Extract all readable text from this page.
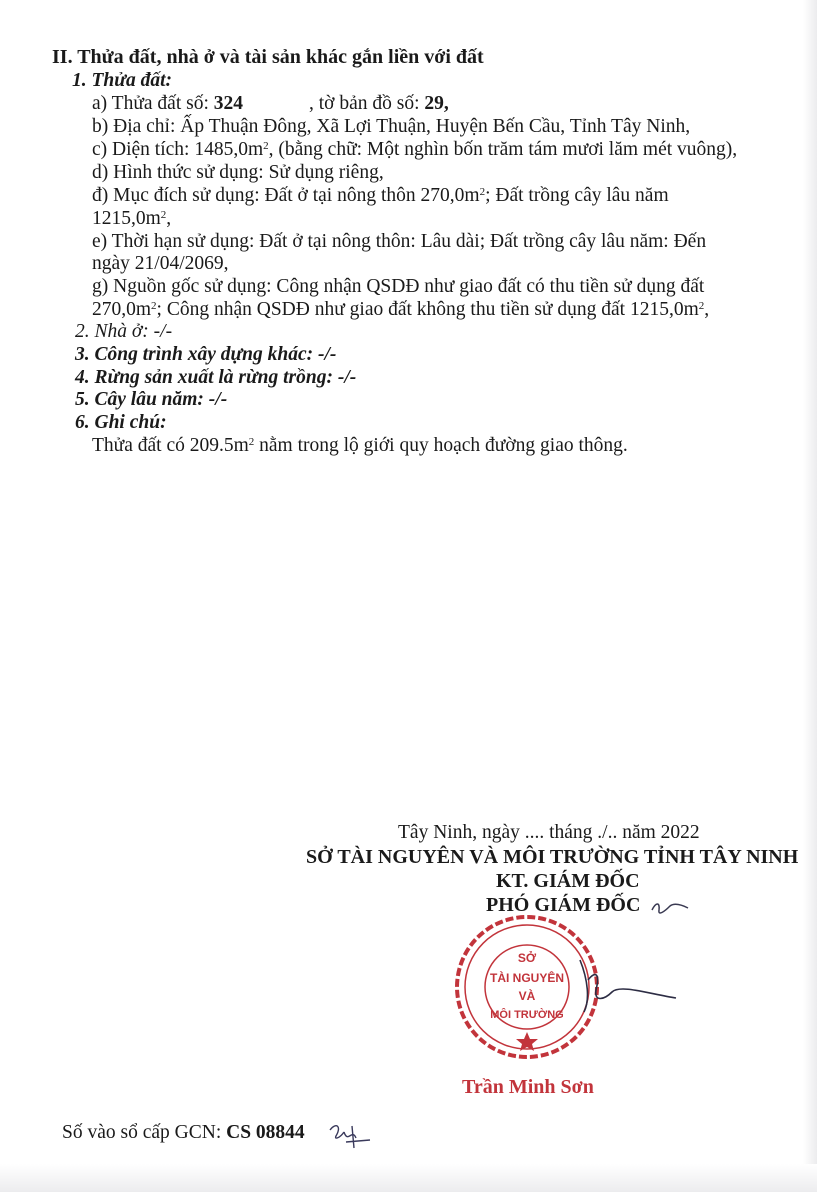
II. Thửa đất, nhà ở và tài sản khác gắn liền với đất
1. Thửa đất:
a) Thửa đất số: 324	, tờ bản đồ số: 29,
b) Địa chỉ: Ấp Thuận Đông, Xã Lợi Thuận, Huyện Bến Cầu, Tỉnh Tây Ninh,
c) Diện tích: $1485,0m^2$, (bằng chữ: Một nghìn bốn trăm tám mươi lăm mét vuông),
d) Hình thức sử dụng: Sử dụng riêng,
đ) Mục đích sử dụng: Đất ở tại nông thôn $270,0m^2$; Đất trồng cây lâu năm
$1215,0m^2$,
e) Thời hạn sử dụng: Đất ở tại nông thôn: Lâu dài; Đất trồng cây lâu năm: Đến
ngày 21/04/2069,
g) Nguồn gốc sử dụng: Công nhận QSDĐ như giao đất có thu tiền sử dụng đất
$270,0m^2$; Công nhận QSDĐ như giao đất không thu tiền sử dụng đất $1215,0m^2$,
2. Nhà ở: -/-
3. Công trình xây dựng khác: -/-
4. Rừng sản xuất là rừng trồng: -/-
5. Cây lâu năm: -/-
6. Ghi chú:
Thửa đất có $209.5m^2$ nằm trong lộ giới quy hoạch đường giao thông.
Tây Ninh, ngày .... tháng ./.. năm 2022
SỞ TÀI NGUYÊN VÀ MÔI TRƯỜNG TỈNH TÂY NINH
KT. GIÁM ĐỐC
PHÓ GIÁM ĐỐC
SỞ
TÀI NGUYÊN
VÀ
MÔI TRƯỜNG
Trần Minh Sơn
Số vào sổ cấp GCN: CS 08844
